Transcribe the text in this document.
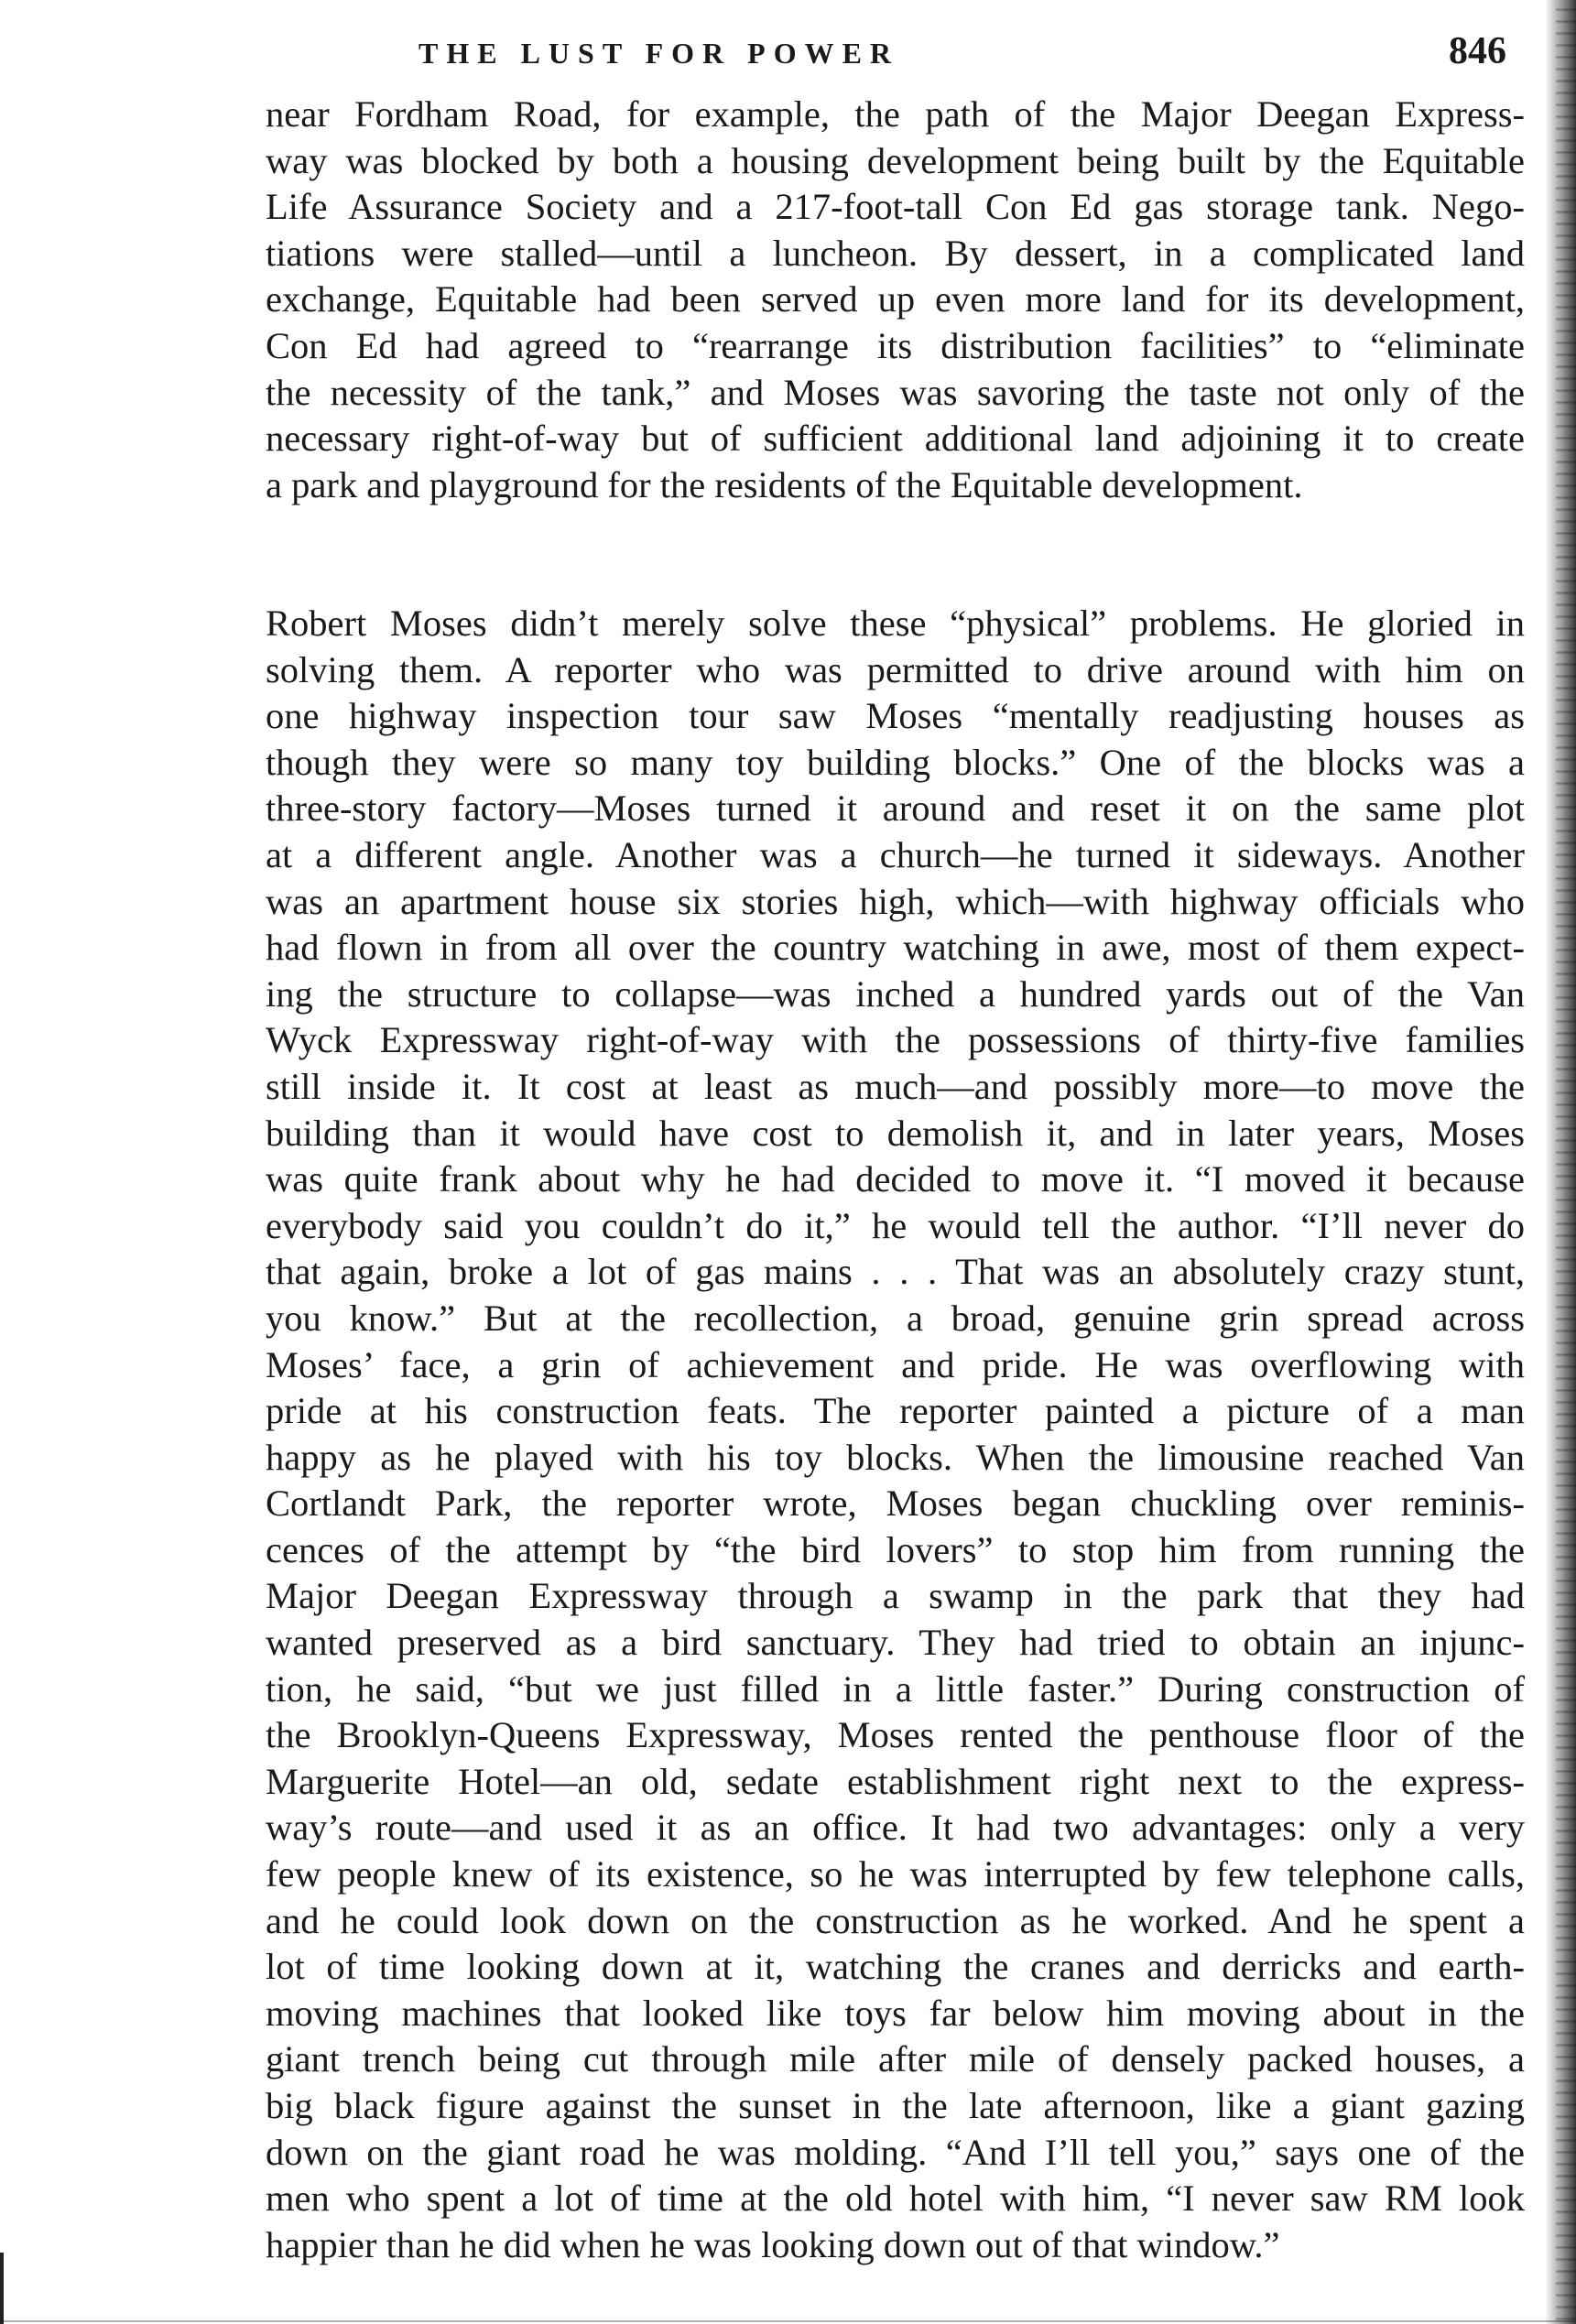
THE LUST FOR POWER	846
near Fordham Road, for example, the path of the Major Deegan Express-
way was blocked by both a housing development being built by the Equitable
Life Assurance Society and a 217-foot-tall Con Ed gas storage tank. Nego-
tiations were stalled—until a luncheon. By dessert, in a complicated land
exchange, Equitable had been served up even more land for its development,
Con Ed had agreed to “rearrange its distribution facilities” to “eliminate
the necessity of the tank,” and Moses was savoring the taste not only of the
necessary right-of-way but of sufficient additional land adjoining it to create
a park and playground for the residents of the Equitable development.
Robert Moses didn’t merely solve these “physical” problems. He gloried in
solving them. A reporter who was permitted to drive around with him on
one highway inspection tour saw Moses “mentally readjusting houses as
though they were so many toy building blocks.” One of the blocks was a
three-story factory—Moses turned it around and reset it on the same plot
at a different angle. Another was a church—he turned it sideways. Another
was an apartment house six stories high, which—with highway officials who
had flown in from all over the country watching in awe, most of them expect-
ing the structure to collapse—was inched a hundred yards out of the Van
Wyck Expressway right-of-way with the possessions of thirty-five families
still inside it. It cost at least as much—and possibly more—to move the
building than it would have cost to demolish it, and in later years, Moses
was quite frank about why he had decided to move it. “I moved it because
everybody said you couldn’t do it,” he would tell the author. “I’ll never do
that again, broke a lot of gas mains . . . That was an absolutely crazy stunt,
you know.” But at the recollection, a broad, genuine grin spread across
Moses’ face, a grin of achievement and pride. He was overflowing with
pride at his construction feats. The reporter painted a picture of a man
happy as he played with his toy blocks. When the limousine reached Van
Cortlandt Park, the reporter wrote, Moses began chuckling over reminis-
cences of the attempt by “the bird lovers” to stop him from running the
Major Deegan Expressway through a swamp in the park that they had
wanted preserved as a bird sanctuary. They had tried to obtain an injunc-
tion, he said, “but we just filled in a little faster.” During construction of
the Brooklyn-Queens Expressway, Moses rented the penthouse floor of the
Marguerite Hotel—an old, sedate establishment right next to the express-
way’s route—and used it as an office. It had two advantages: only a very
few people knew of its existence, so he was interrupted by few telephone calls,
and he could look down on the construction as he worked. And he spent a
lot of time looking down at it, watching the cranes and derricks and earth-
moving machines that looked like toys far below him moving about in the
giant trench being cut through mile after mile of densely packed houses, a
big black figure against the sunset in the late afternoon, like a giant gazing
down on the giant road he was molding. “And I’ll tell you,” says one of the
men who spent a lot of time at the old hotel with him, “I never saw RM look
happier than he did when he was looking down out of that window.”
